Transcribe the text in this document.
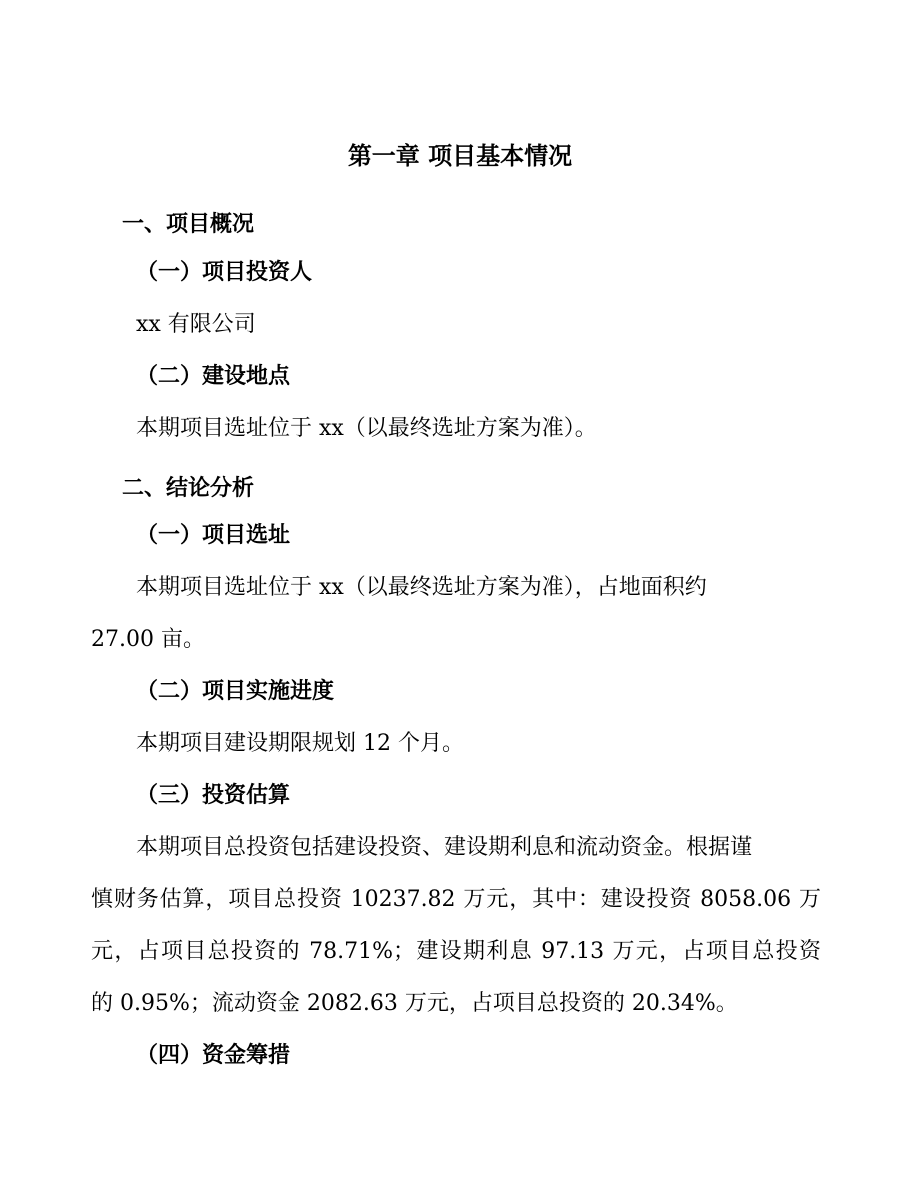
第一章 项目基本情况
一、项目概况
（一）项目投资人
xx 有限公司
（二）建设地点
本期项目选址位于 xx（以最终选址方案为准）。
二、结论分析
（一）项目选址
本期项目选址位于 xx（以最终选址方案为准），占地面积约
27.00 亩。
（二）项目实施进度
本期项目建设期限规划 12 个月。
（三）投资估算
本期项目总投资包括建设投资、建设期利息和流动资金。根据谨
慎财务估算，项目总投资 10237.82 万元，其中：建设投资 8058.06 万
元，占项目总投资的 78.71%；建设期利息 97.13 万元，占项目总投资
的 0.95%；流动资金 2082.63 万元，占项目总投资的 20.34%。
（四）资金筹措
